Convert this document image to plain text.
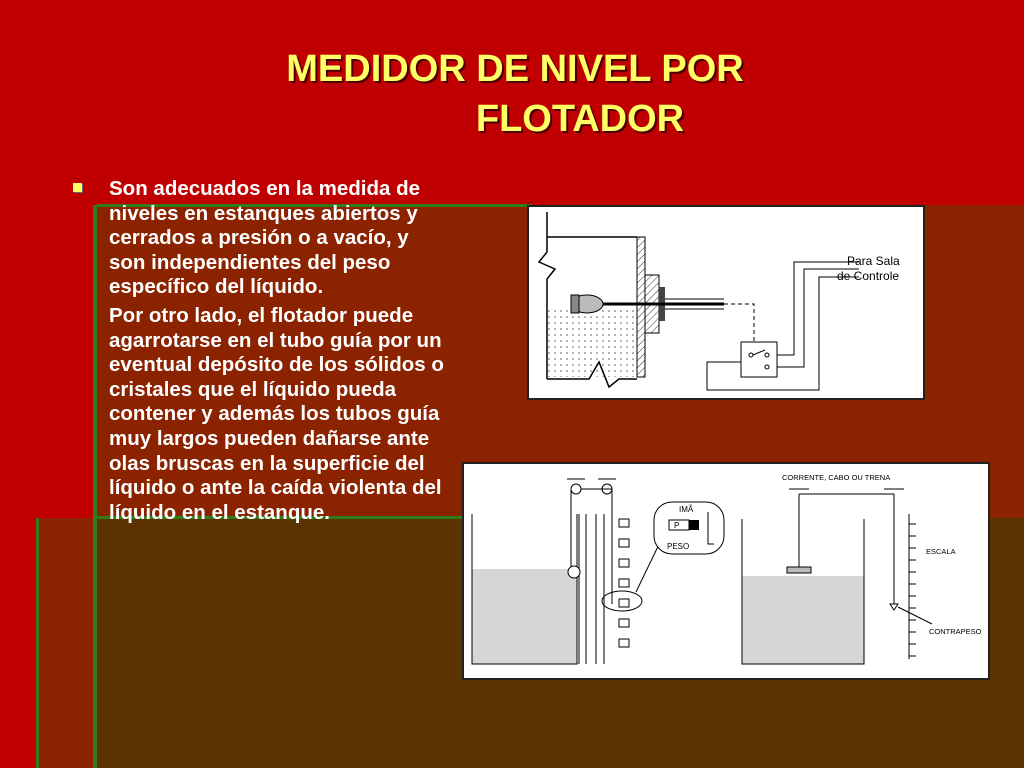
MEDIDOR DE NIVEL POR
FLOTADOR

Son adecuados en la medida de niveles en estanques abiertos y cerrados a presión o a vacío, y son independientes del peso específico del líquido.

Por otro lado, el flotador puede agarrotarse en el tubo guía por un eventual depósito de los sólidos o cristales que el líquido pueda contener y además los tubos guía muy largos pueden dañarse ante olas bruscas en la superficie del líquido o ante la caída violenta del líquido en el estanque.

Para Sala
de Controle
IMÃ
P
PESO
CORRENTE, CABO OU TRENA
ESCALA
CONTRAPESO
